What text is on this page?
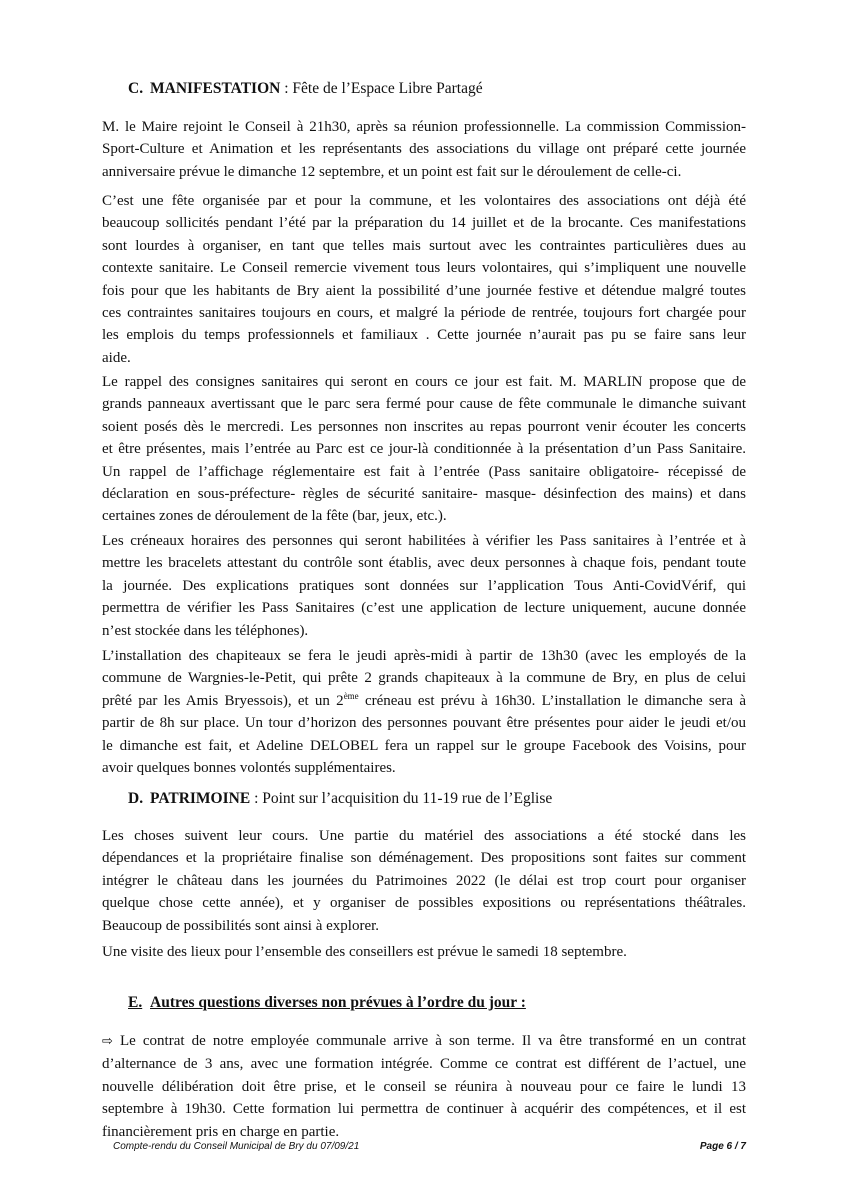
C. MANIFESTATION : Fête de l’Espace Libre Partagé
M. le Maire rejoint le Conseil à 21h30, après sa réunion professionnelle. La commission Commission-
Sport-Culture et Animation et les représentants des associations du village ont préparé cette journée
anniversaire prévue le dimanche 12 septembre, et un point est fait sur le déroulement de celle-ci.
C’est une fête organisée par et pour la commune, et les volontaires des associations ont déjà été
beaucoup sollicités pendant l’été par la préparation du 14 juillet et de la brocante. Ces manifestations
sont lourdes à organiser, en tant que telles mais surtout avec les contraintes particulières dues au
contexte sanitaire. Le Conseil remercie vivement tous leurs volontaires, qui s’impliquent une nouvelle
fois pour que les habitants de Bry aient la possibilité d’une journée festive et détendue malgré toutes
ces contraintes sanitaires toujours en cours, et malgré la période de rentrée, toujours fort chargée pour
les emplois du temps professionnels et familiaux . Cette journée n’aurait pas pu se faire sans leur
aide.
Le rappel des consignes sanitaires qui seront en cours ce jour est fait. M. MARLIN propose que de
grands panneaux avertissant que le parc sera fermé pour cause de fête communale le dimanche suivant
soient posés dès le mercredi. Les personnes non inscrites au repas pourront venir écouter les concerts
et être présentes, mais l’entrée au Parc est ce jour-là conditionnée à la présentation d’un Pass Sanitaire.
Un rappel de l’affichage réglementaire est fait à l’entrée (Pass sanitaire obligatoire- récepissé de
déclaration en sous-préfecture- règles de sécurité sanitaire- masque- désinfection des mains) et dans
certaines zones de déroulement de la fête (bar, jeux, etc.).
Les créneaux horaires des personnes qui seront habilitées à vérifier les Pass sanitaires à l’entrée et à
mettre les bracelets attestant du contrôle sont établis, avec deux personnes à chaque fois, pendant toute
la journée. Des explications pratiques sont données sur l’application Tous Anti-CovidVérif, qui
permettra de vérifier les Pass Sanitaires (c’est une application de lecture uniquement, aucune donnée
n’est stockée dans les téléphones).
L’installation des chapiteaux se fera le jeudi après-midi à partir de 13h30 (avec les employés de la
commune de Wargnies-le-Petit, qui prête 2 grands chapiteaux à la commune de Bry, en plus de celui
prêté par les Amis Bryessois), et un 2ème créneau est prévu à 16h30. L’installation le dimanche sera à
partir de 8h sur place. Un tour d’horizon des personnes pouvant être présentes pour aider le jeudi et/ou
le dimanche est fait, et Adeline DELOBEL fera un rappel sur le groupe Facebook des Voisins, pour
avoir quelques bonnes volontés supplémentaires.
D. PATRIMOINE : Point sur l’acquisition du 11-19 rue de l’Eglise
Les choses suivent leur cours. Une partie du matériel des associations a été stocké dans les
dépendances et la propriétaire finalise son déménagement. Des propositions sont faites sur comment
intégrer le château dans les journées du Patrimoines 2022 (le délai est trop court pour organiser
quelque chose cette année), et y organiser de possibles expositions ou représentations théâtrales.
Beaucoup de possibilités sont ainsi à explorer.
Une visite des lieux pour l’ensemble des conseillers est prévue le samedi 18 septembre.
E. Autres questions diverses non prévues à l’ordre du jour :
⇨ Le contrat de notre employée communale arrive à son terme. Il va être transformé en un contrat
d’alternance de 3 ans, avec une formation intégrée. Comme ce contrat est différent de l’actuel, une
nouvelle délibération doit être prise, et le conseil se réunira à nouveau pour ce faire le lundi 13
septembre à 19h30. Cette formation lui permettra de continuer à acquérir des compétences, et il est
financièrement pris en charge en partie.
Compte-rendu du Conseil Municipal de Bry du 07/09/21	Page 6 / 7
